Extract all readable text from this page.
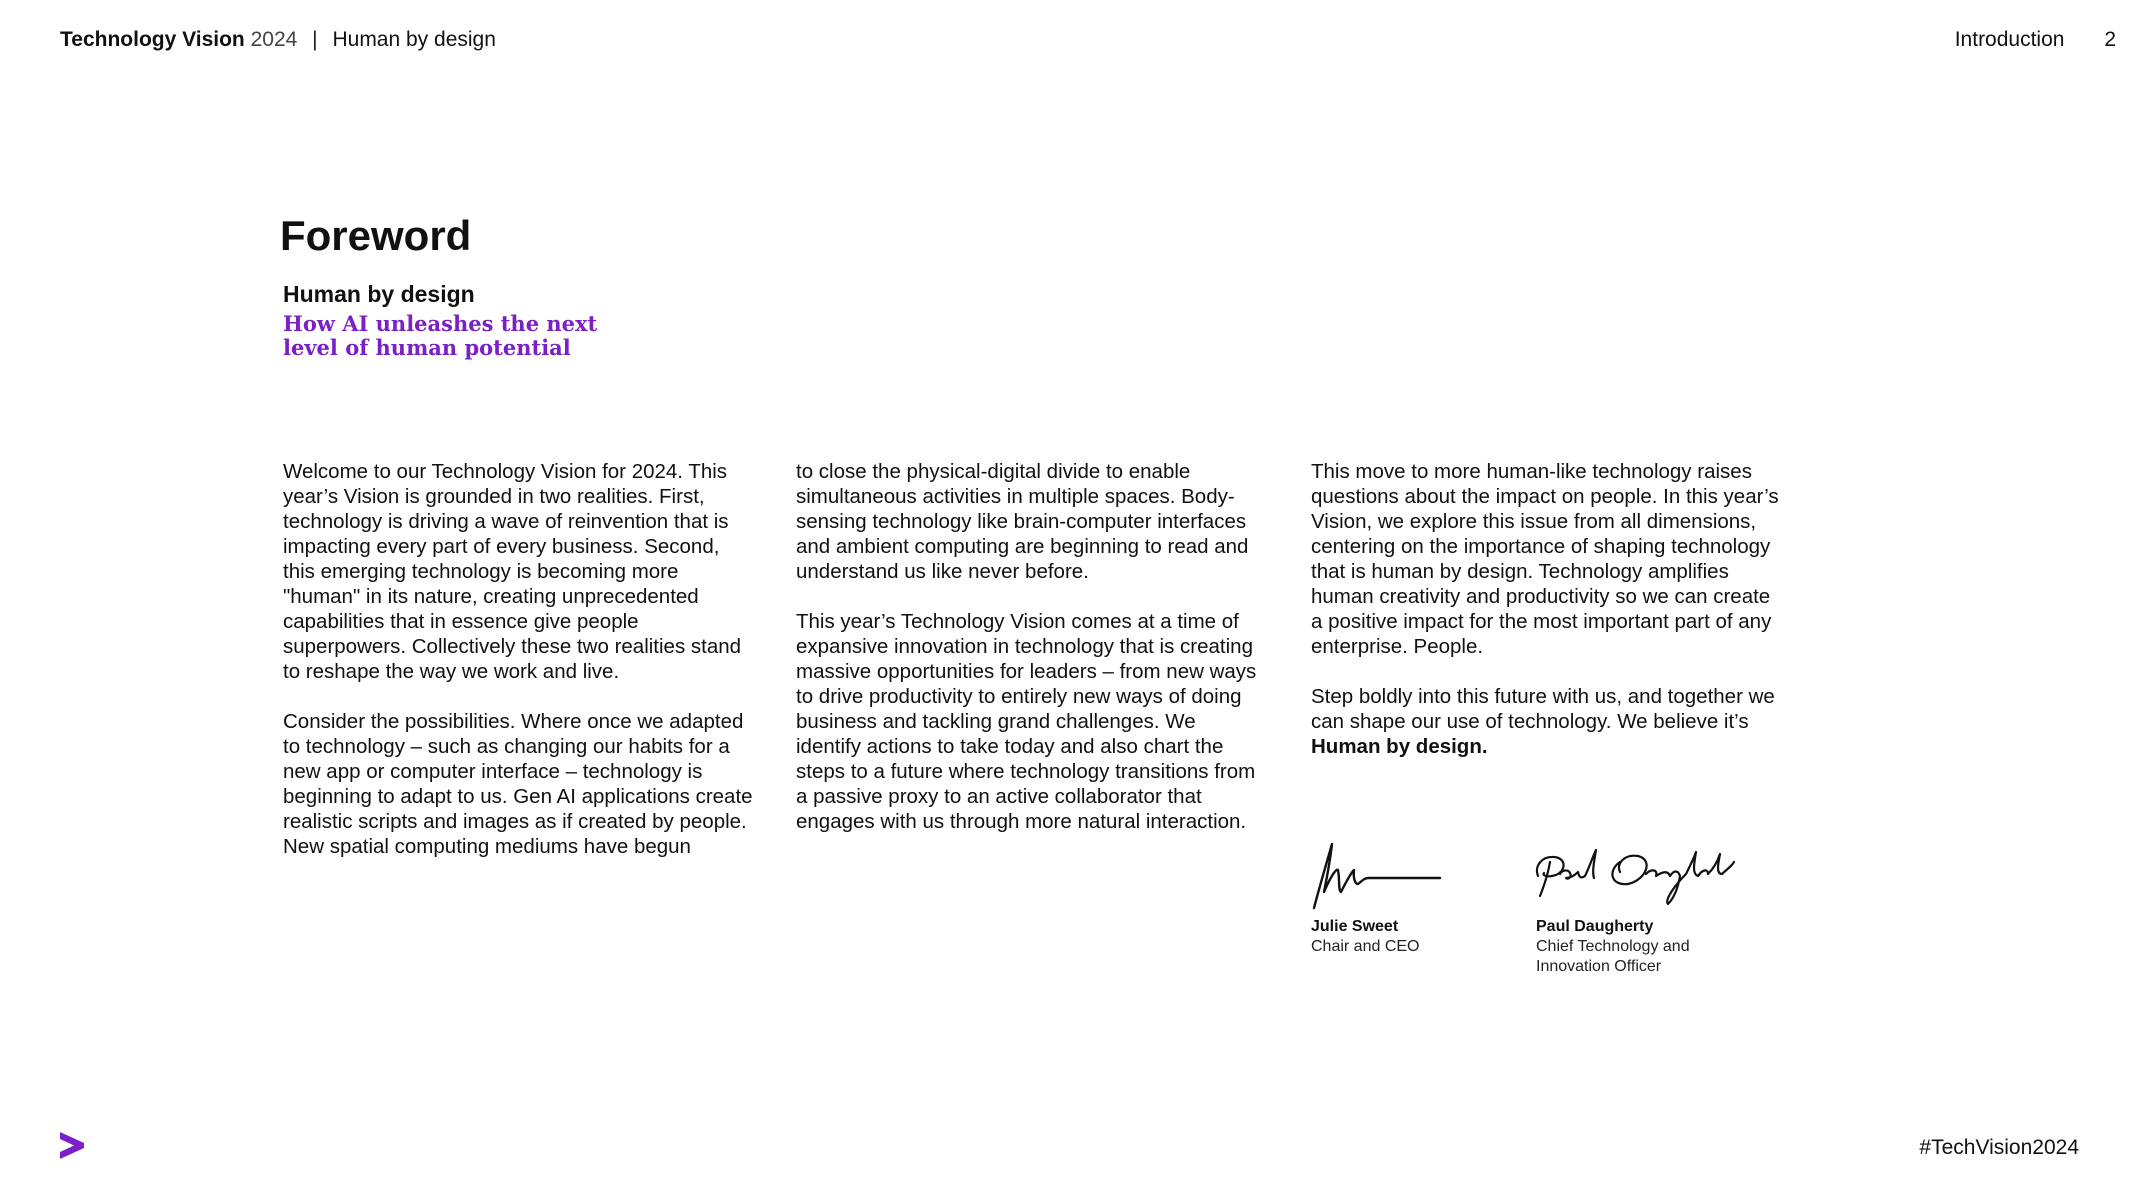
Technology Vision 2024 | Human by design	Introduction 2
Foreword
Human by design
How AI unleashes the next level of human potential

Welcome to our Technology Vision for 2024. This year’s Vision is grounded in two realities. First, technology is driving a wave of reinvention that is impacting every part of every business. Second, this emerging technology is becoming more "human" in its nature, creating unprecedented capabilities that in essence give people superpowers. Collectively these two realities stand to reshape the way we work and live.

Consider the possibilities. Where once we adapted to technology – such as changing our habits for a new app or computer interface – technology is beginning to adapt to us. Gen AI applications create realistic scripts and images as if created by people. New spatial computing mediums have begun

to close the physical-digital divide to enable simultaneous activities in multiple spaces. Body-sensing technology like brain-computer interfaces and ambient computing are beginning to read and understand us like never before.

This year’s Technology Vision comes at a time of expansive innovation in technology that is creating massive opportunities for leaders – from new ways to drive productivity to entirely new ways of doing business and tackling grand challenges. We identify actions to take today and also chart the steps to a future where technology transitions from a passive proxy to an active collaborator that engages with us through more natural interaction.

This move to more human-like technology raises questions about the impact on people. In this year’s Vision, we explore this issue from all dimensions, centering on the importance of shaping technology that is human by design. Technology amplifies human creativity and productivity so we can create a positive impact for the most important part of any enterprise. People.

Step boldly into this future with us, and together we can shape our use of technology. We believe it’s Human by design.

Julie Sweet
Chair and CEO
Paul Daugherty
Chief Technology and Innovation Officer
#TechVision2024
